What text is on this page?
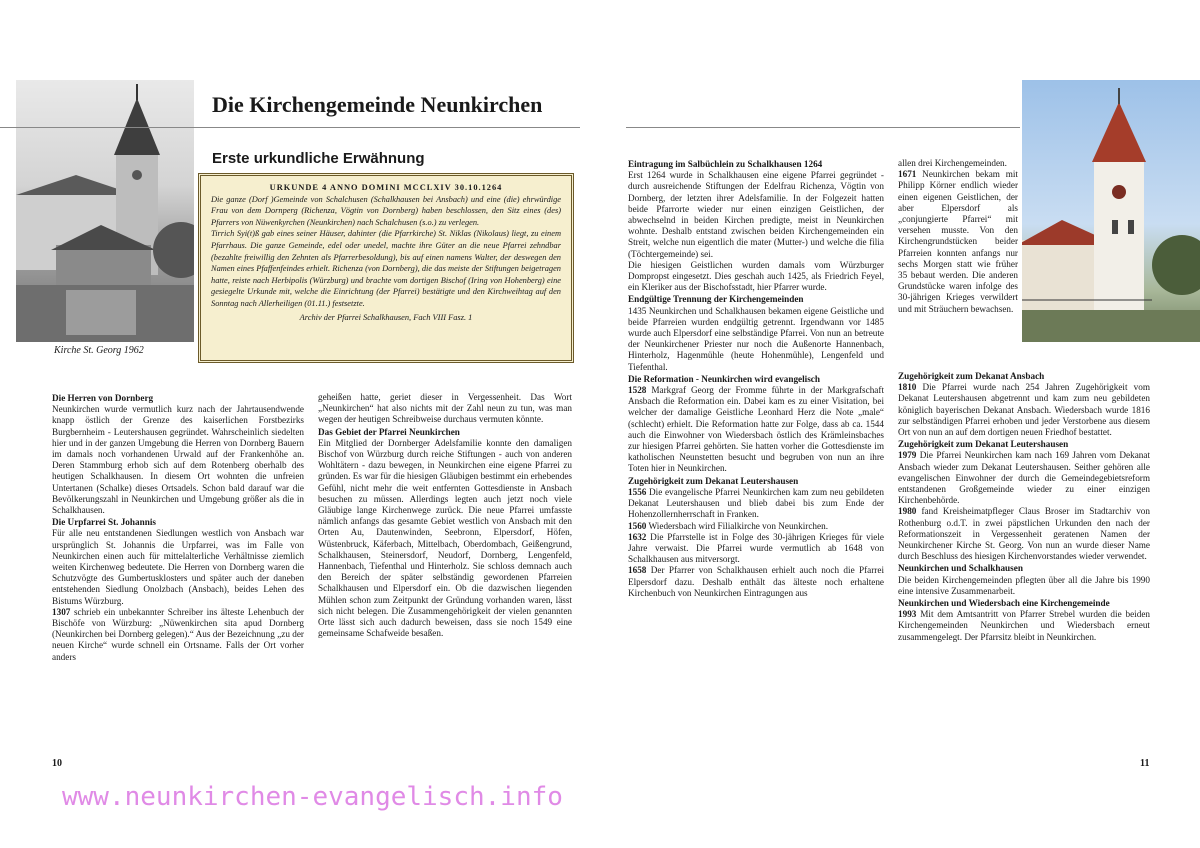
Kirche St. Georg 1962
Die Kirchengemeinde Neunkirchen
Erste urkundliche Erwähnung
URKUNDE 4 ANNO DOMINI MCCLXIV 30.10.1264

Die ganze (Dorf )Gemeinde von Schalchusen (Schalkhausen bei Ansbach) und eine (die) ehrwürdige Frau von dem Dornperg (Richenza, Vögtin von Dornberg) haben beschlossen, den Sitz eines (des) Pfarrers von Nüwenkyrchen (Neunkirchen) nach Schalchusen (s.o.) zu verlegen.

Tirrich Syi(t)ß gab eines seiner Häuser, dahinter (die Pfarrkirche) St. Niklas (Nikolaus) liegt, zu einem Pfarrhaus. Die ganze Gemeinde, edel oder unedel, machte ihre Güter an die neue Pfarrei zehndbar (bezahlte freiwillig den Zehnten als Pfarrerbesoldung), bis auf einen namens Walter, der deswegen den Namen eines Pfaffenfeindes erhielt. Richenza (von Dornberg), die das meiste der Stiftungen beigetragen hatte, reiste nach Herbipolis (Würzburg) und brachte vom dortigen Bischof (Iring von Hohenberg) eine gesiegelte Urkunde mit, welche die Einrichtung (der Pfarrei) bestätigte und den Kirchweihtag auf den Sonntag nach Allerheiligen (01.11.) festsetzte.

Archiv der Pfarrei Schalkhausen, Fach VIII Fasz. 1
Die Herren von Dornberg

Neunkirchen wurde vermutlich kurz nach der Jahrtausendwende knapp östlich der Grenze des kaiserlichen Forstbezirks Burgbernheim - Leutershausen gegründet. Wahrscheinlich siedelten hier und in der ganzen Umgebung die Herren von Dornberg Bauern im damals noch vorhandenen Urwald auf der Frankenhöhe an. Deren Stammburg erhob sich auf dem Rotenberg oberhalb des heutigen Schalkhausen. In diesem Ort wohnten die unfreien Untertanen (Schalke) dieses Ortsadels. Schon bald darauf war die Bevölkerungszahl in Neunkirchen und Umgebung größer als die in Schalkhausen.

Die Urpfarrei St. Johannis

Für alle neu entstandenen Siedlungen westlich von Ansbach war ursprünglich St. Johannis die Urpfarrei, was im Falle von Neunkirchen einen auch für mittelalterliche Verhältnisse ziemlich weiten Kirchenweg bedeutete. Die Herren von Dornberg waren die Schutzvögte des Gumbertusklosters und später auch der daneben entstehenden Siedlung Onolzbach (Ansbach), beides Lehen des Bistums Würzburg.

1307 schrieb ein unbekannter Schreiber ins älteste Lehenbuch der Bischöfe von Würzburg: „Nüwenkirchen sita apud Dornberg (Neunkirchen bei Dornberg gelegen).“ Aus der Bezeichnung „zu der neuen Kirche“ wurde schnell ein Ortsname. Falls der Ort vorher anders

geheißen hatte, geriet dieser in Vergessenheit. Das Wort „Neunkirchen“ hat also nichts mit der Zahl neun zu tun, was man wegen der heutigen Schreibweise durchaus vermuten könnte.

Das Gebiet der Pfarrei Neunkirchen

Ein Mitglied der Dornberger Adelsfamilie konnte den damaligen Bischof von Würzburg durch reiche Stiftungen - auch von anderen Wohltätern - dazu bewegen, in Neunkirchen eine eigene Pfarrei zu gründen. Es war für die hiesigen Gläubigen bestimmt ein erhebendes Gefühl, nicht mehr die weit entfernten Gottesdienste in Ansbach besuchen zu müssen. Allerdings legten auch jetzt noch viele Gläubige lange Kirchenwege zurück. Die neue Pfarrei umfasste nämlich anfangs das gesamte Gebiet westlich von Ansbach mit den Orten Au, Dautenwinden, Seebronn, Elpersdorf, Höfen, Wüstenbruck, Käferbach, Mittelbach, Oberdombach, Geißengrund, Schalkhausen, Steinersdorf, Neudorf, Dornberg, Lengenfeld, Hannenbach, Tiefenthal und Hinterholz. Sie schloss demnach auch den Bereich der später selbständig gewordenen Pfarreien Schalkhausen und Elpersdorf ein. Ob die dazwischen liegenden Mühlen schon zum Zeitpunkt der Gründung vorhanden waren, lässt sich nicht belegen. Die Zusammengehörigkeit der vielen genannten Orte lässt sich auch dadurch beweisen, dass sie noch 1549 eine gemeinsame Schafweide besaßen.

10
www.neunkirchen-evangelisch.info
Eintragung im Salbüchlein zu Schalkhausen 1264

Erst 1264 wurde in Schalkhausen eine eigene Pfarrei gegründet - durch ausreichende Stiftungen der Edelfrau Richenza, Vögtin von Dornberg, der letzten ihrer Adelsfamilie. In der Folgezeit hatten beide Pfarrorte wieder nur einen einzigen Geistlichen, der abwechselnd in beiden Kirchen predigte, meist in Neunkirchen wohnte. Deshalb entstand zwischen beiden Kirchengemeinden ein Streit, welche nun eigentlich die mater (Mutter-) und welche die filia (Töchtergemeinde) sei.

Die hiesigen Geistlichen wurden damals vom Würzburger Dompropst eingesetzt. Dies geschah auch 1425, als Friedrich Feyel, ein Kleriker aus der Bischofsstadt, hier Pfarrer wurde.

Endgültige Trennung der Kirchengemeinden

1435 Neunkirchen und Schalkhausen bekamen eigene Geistliche und beide Pfarreien wurden endgültig getrennt. Irgendwann vor 1485 wurde auch Elpersdorf eine selbständige Pfarrei. Von nun an betreute der Neunkirchener Priester nur noch die Außenorte Hannenbach, Hinterholz, Hagenmühle (heute Hohenmühle), Lengenfeld und Tiefenthal.

Die Reformation - Neunkirchen wird evangelisch

1528 Markgraf Georg der Fromme führte in der Markgrafschaft Ansbach die Reformation ein. Dabei kam es zu einer Visitation, bei welcher der damalige Geistliche Leonhard Herz die Note „male“ (schlecht) erhielt. Die Reformation hatte zur Folge, dass ab ca. 1544 auch die Einwohner von Wiedersbach östlich des Krämleinsbaches zur hiesigen Pfarrei gehörten. Sie hatten vorher die Gottesdienste im katholischen Neunstetten besucht und begruben von nun an ihre Toten hier in Neunkirchen.

Zugehörigkeit zum Dekanat Leutershausen

1556 Die evangelische Pfarrei Neunkirchen kam zum neu gebildeten Dekanat Leutershausen und blieb dabei bis zum Ende der Hohenzollernherrschaft in Franken.

1560 Wiedersbach wird Filialkirche von Neunkirchen.

1632 Die Pfarrstelle ist in Folge des 30-jährigen Krieges für viele Jahre verwaist. Die Pfarrei wurde vermutlich ab 1648 von Schalkhausen aus mitversorgt.

1658 Der Pfarrer von Schalkhausen erhielt auch noch die Pfarrei Elpersdorf dazu. Deshalb enthält das älteste noch erhaltene Kirchenbuch von Neunkirchen Eintragungen aus

allen drei Kirchengemeinden.

1671 Neunkirchen bekam mit Philipp Körner endlich wieder einen eigenen Geistlichen, der aber Elpersdorf als „conjungierte Pfarrei“ mit versehen musste. Von den Kirchengrundstücken beider Pfarreien konnten anfangs nur sechs Morgen statt wie früher 35 bebaut werden. Die anderen Grundstücke waren infolge des 30-jährigen Krieges verwildert und mit Sträuchern bewachsen.

Zugehörigkeit zum Dekanat Ansbach

1810 Die Pfarrei wurde nach 254 Jahren Zugehörigkeit vom Dekanat Leutershausen abgetrennt und kam zum neu gebildeten königlich bayerischen Dekanat Ansbach. Wiedersbach wurde 1816 zur selbständigen Pfarrei erhoben und jeder Verstorbene aus diesem Ort von nun an auf dem dortigen neuen Friedhof bestattet.

Zugehörigkeit zum Dekanat Leutershausen

1979 Die Pfarrei Neunkirchen kam nach 169 Jahren vom Dekanat Ansbach wieder zum Dekanat Leutershausen. Seither gehören alle evangelischen Einwohner der durch die Gemeindegebietsreform entstandenen Großgemeinde wieder zu einer einzigen Kirchenbehörde.

1980 fand Kreisheimatpfleger Claus Broser im Stadtarchiv von Rothenburg o.d.T. in zwei päpstlichen Urkunden den nach der Reformationszeit in Vergessenheit geratenen Namen der Neunkirchener Kirche St. Georg. Von nun an wurde dieser Name durch Beschluss des hiesigen Kirchenvorstandes wieder verwendet.

Neunkirchen und Schalkhausen

Die beiden Kirchengemeinden pflegten über all die Jahre bis 1990 eine intensive Zusammenarbeit.

Neunkirchen und Wiedersbach eine Kirchengemeinde

1993 Mit dem Amtsantritt von Pfarrer Strebel wurden die beiden Kirchengemeinden Neunkirchen und Wiedersbach erneut zusammengelegt. Der Pfarrsitz bleibt in Neunkirchen.

11
